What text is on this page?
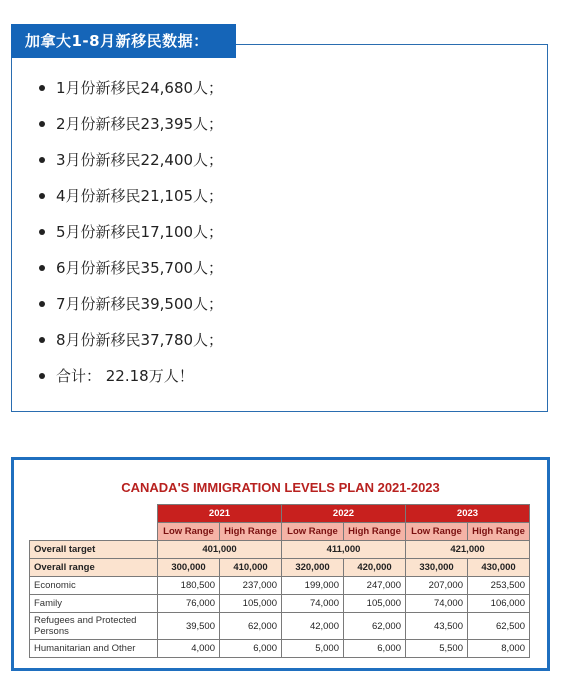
加拿大1-8月新移民数据：
1月份新移民24,680人；
2月份新移民23,395人；
3月份新移民22,400人；
4月份新移民21,105人；
5月份新移民17,100人；
6月份新移民35,700人；
7月份新移民39,500人；
8月份新移民37,780人；
合计： 22.18万人！
CANADA'S IMMIGRATION LEVELS PLAN 2021-2023
	2021		2022		2023	
	Low Range	High Range	Low Range	High Range	Low Range	High Range
Overall target	401,000		411,000		421,000	
Overall range	300,000	410,000	320,000	420,000	330,000	430,000
Economic	180,500	237,000	199,000	247,000	207,000	253,500
Family	76,000	105,000	74,000	105,000	74,000	106,000
Refugees and Protected Persons	39,500	62,000	42,000	62,000	43,500	62,500
Humanitarian and Other	4,000	6,000	5,000	6,000	5,500	8,000
